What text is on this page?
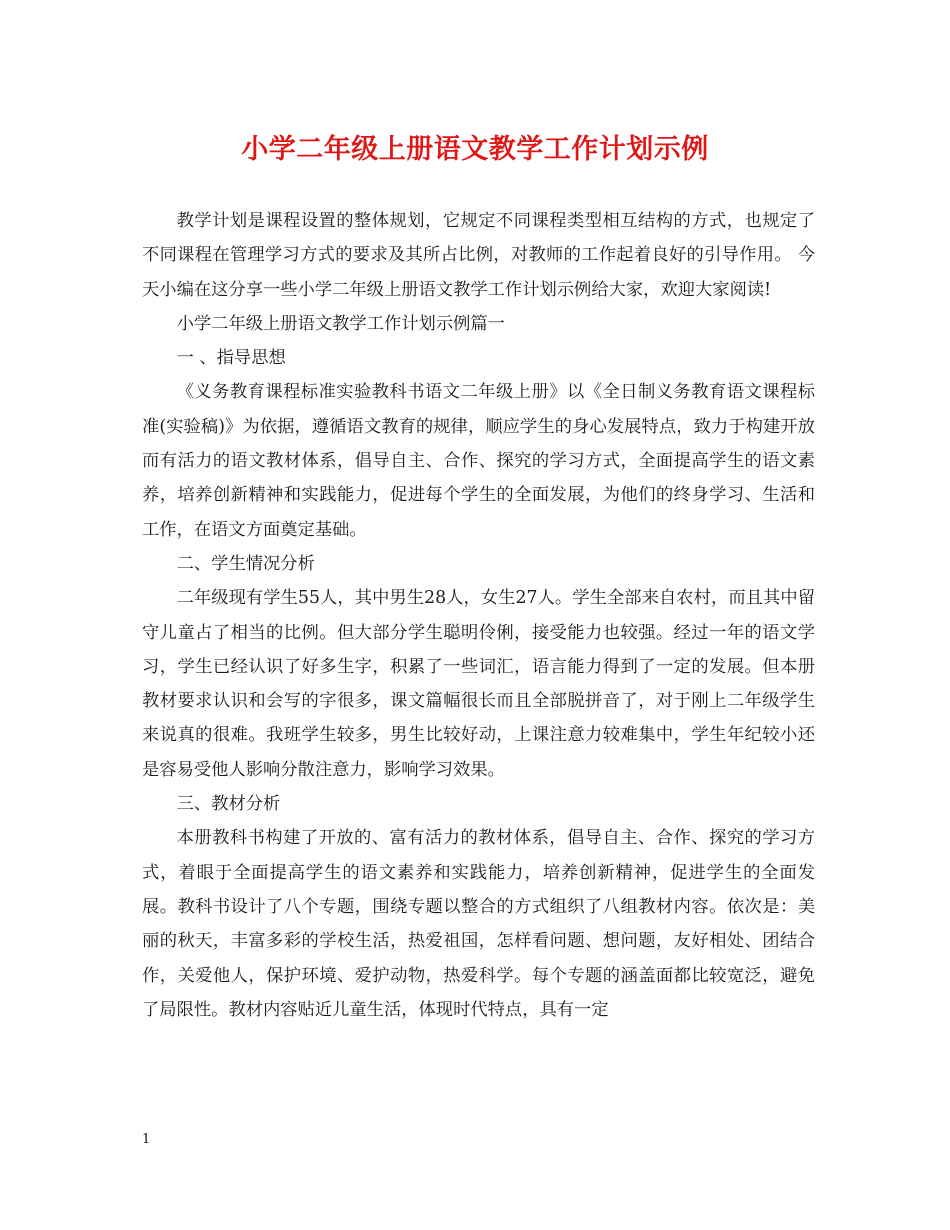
小学二年级上册语文教学工作计划示例

教学计划是课程设置的整体规划，它规定不同课程类型相互结构的方式，也规定了不同课程在管理学习方式的要求及其所占比例，对教师的工作起着良好的引导作用。 今天小编在这分享一些小学二年级上册语文教学工作计划示例给大家，欢迎大家阅读!

小学二年级上册语文教学工作计划示例篇一

一 、指导思想

《义务教育课程标准实验教科书语文二年级上册》以《全日制义务教育语文课程标准(实验稿)》为依据，遵循语文教育的规律，顺应学生的身心发展特点，致力于构建开放而有活力的语文教材体系，倡导自主、合作、探究的学习方式，全面提高学生的语文素养，培养创新精神和实践能力，促进每个学生的全面发展，为他们的终身学习、生活和工作，在语文方面奠定基础。

二、学生情况分析

二年级现有学生55人，其中男生28人，女生27人。学生全部来自农村，而且其中留守儿童占了相当的比例。但大部分学生聪明伶俐，接受能力也较强。经过一年的语文学习，学生已经认识了好多生字，积累了一些词汇，语言能力得到了一定的发展。但本册教材要求认识和会写的字很多，课文篇幅很长而且全部脱拼音了，对于刚上二年级学生来说真的很难。我班学生较多，男生比较好动，上课注意力较难集中，学生年纪较小还是容易受他人影响分散注意力，影响学习效果。

三、教材分析

本册教科书构建了开放的、富有活力的教材体系，倡导自主、合作、探究的学习方式，着眼于全面提高学生的语文素养和实践能力，培养创新精神，促进学生的全面发展。教科书设计了八个专题，围绕专题以整合的方式组织了八组教材内容。依次是：美丽的秋天，丰富多彩的学校生活，热爱祖国，怎样看问题、想问题，友好相处、团结合作，关爱他人，保护环境、爱护动物，热爱科学。每个专题的涵盖面都比较宽泛，避免了局限性。教材内容贴近儿童生活，体现时代特点，具有一定

1
